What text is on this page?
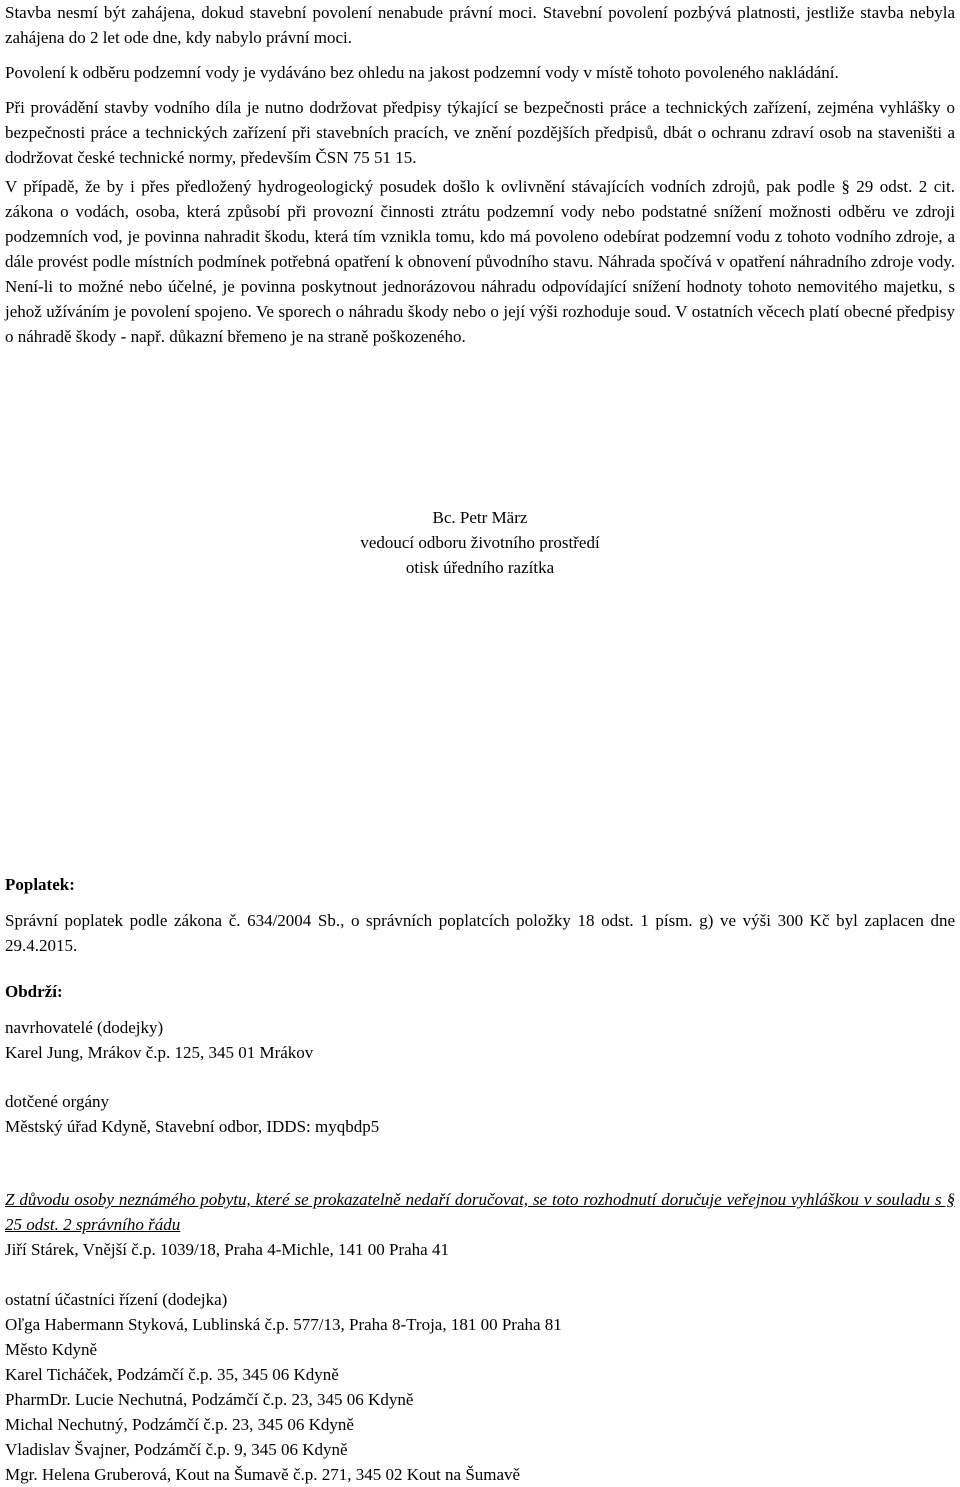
Stavba nesmí být zahájena, dokud stavební povolení nenabude právní moci. Stavební povolení pozbývá platnosti, jestliže stavba nebyla zahájena do 2 let ode dne, kdy nabylo právní moci.

Povolení k odběru podzemní vody je vydáváno bez ohledu na jakost podzemní vody v místě tohoto povoleného nakládání.

Při provádění stavby vodního díla je nutno dodržovat předpisy týkající se bezpečnosti práce a technických zařízení, zejména vyhlášky o bezpečnosti práce a technických zařízení při stavebních pracích, ve znění pozdějších předpisů, dbát o ochranu zdraví osob na staveništi a dodržovat české technické normy, především ČSN 75 51 15.

V případě, že by i přes předložený hydrogeologický posudek došlo k ovlivnění stávajících vodních zdrojů, pak podle § 29 odst. 2 cit. zákona o vodách, osoba, která způsobí při provozní činnosti ztrátu podzemní vody nebo podstatné snížení možnosti odběru ve zdroji podzemních vod, je povinna nahradit škodu, která tím vznikla tomu, kdo má povoleno odebírat podzemní vodu z tohoto vodního zdroje, a dále provést podle místních podmínek potřebná opatření k obnovení původního stavu. Náhrada spočívá v opatření náhradního zdroje vody. Není-li to možné nebo účelné, je povinna poskytnout jednorázovou náhradu odpovídající snížení hodnoty tohoto nemovitého majetku, s jehož užíváním je povolení spojeno. Ve sporech o náhradu škody nebo o její výši rozhoduje soud. V ostatních věcech platí obecné předpisy o náhradě škody - např. důkazní břemeno je na straně poškozeného.

Bc. Petr März
vedoucí odboru životního prostředí
otisk úředního razítka

Poplatek:

Správní poplatek podle zákona č. 634/2004 Sb., o správních poplatcích položky 18 odst. 1 písm. g) ve výši 300 Kč byl zaplacen dne 29.4.2015.

Obdrží:

navrhovatelé (dodejky)

Karel Jung, Mrákov č.p. 125, 345 01 Mrákov

dotčené orgány

Městský úřad Kdyně, Stavební odbor, IDDS: myqbdp5

Z důvodu osoby neznámého pobytu, které se prokazatelně nedaří doručovat, se toto rozhodnutí doručuje veřejnou vyhláškou v souladu s § 25 odst. 2 správního řádu

Jiří Stárek, Vnější č.p. 1039/18, Praha 4-Michle, 141 00 Praha 41

ostatní účastníci řízení (dodejka)

Oľga Habermann Styková, Lublinská č.p. 577/13, Praha 8-Troja, 181 00 Praha 81

Město Kdyně

Karel Ticháček, Podzámčí č.p. 35, 345 06 Kdyně

PharmDr. Lucie Nechutná, Podzámčí č.p. 23, 345 06 Kdyně

Michal Nechutný, Podzámčí č.p. 23, 345 06 Kdyně

Vladislav Švajner, Podzámčí č.p. 9, 345 06 Kdyně

Mgr. Helena Gruberová, Kout na Šumavě č.p. 271, 345 02 Kout na Šumavě
